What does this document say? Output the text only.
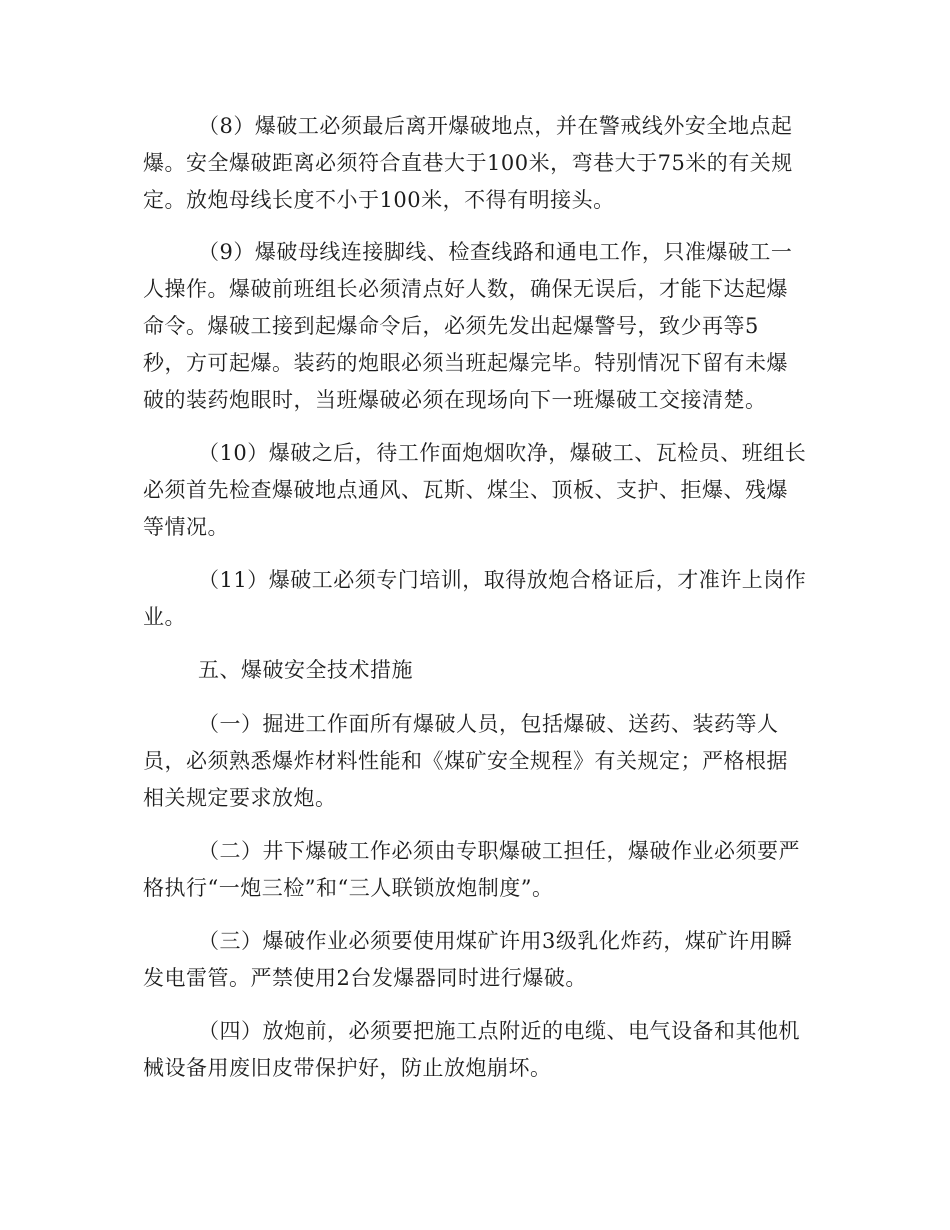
（8）爆破工必须最后离开爆破地点，并在警戒线外安全地点起
爆。安全爆破距离必须符合直巷大于100米，弯巷大于75米的有关规
定。放炮母线长度不小于100米，不得有明接头。
（9）爆破母线连接脚线、检查线路和通电工作，只准爆破工一
人操作。爆破前班组长必须清点好人数，确保无误后，才能下达起爆
命令。爆破工接到起爆命令后，必须先发出起爆警号，致少再等5
秒，方可起爆。装药的炮眼必须当班起爆完毕。特别情况下留有未爆
破的装药炮眼时，当班爆破必须在现场向下一班爆破工交接清楚。
（10）爆破之后，待工作面炮烟吹净，爆破工、瓦检员、班组长
必须首先检查爆破地点通风、瓦斯、煤尘、顶板、支护、拒爆、残爆
等情况。
（11）爆破工必须专门培训，取得放炮合格证后，才准许上岗作
业。
五、爆破安全技术措施
（一）掘进工作面所有爆破人员，包括爆破、送药、装药等人
员，必须熟悉爆炸材料性能和《煤矿安全规程》有关规定；严格根据
相关规定要求放炮。
（二）井下爆破工作必须由专职爆破工担任，爆破作业必须要严
格执行“一炮三检”和“三人联锁放炮制度”。
（三）爆破作业必须要使用煤矿许用3级乳化炸药，煤矿许用瞬
发电雷管。严禁使用2台发爆器同时进行爆破。
（四）放炮前，必须要把施工点附近的电缆、电气设备和其他机
械设备用废旧皮带保护好，防止放炮崩坏。
